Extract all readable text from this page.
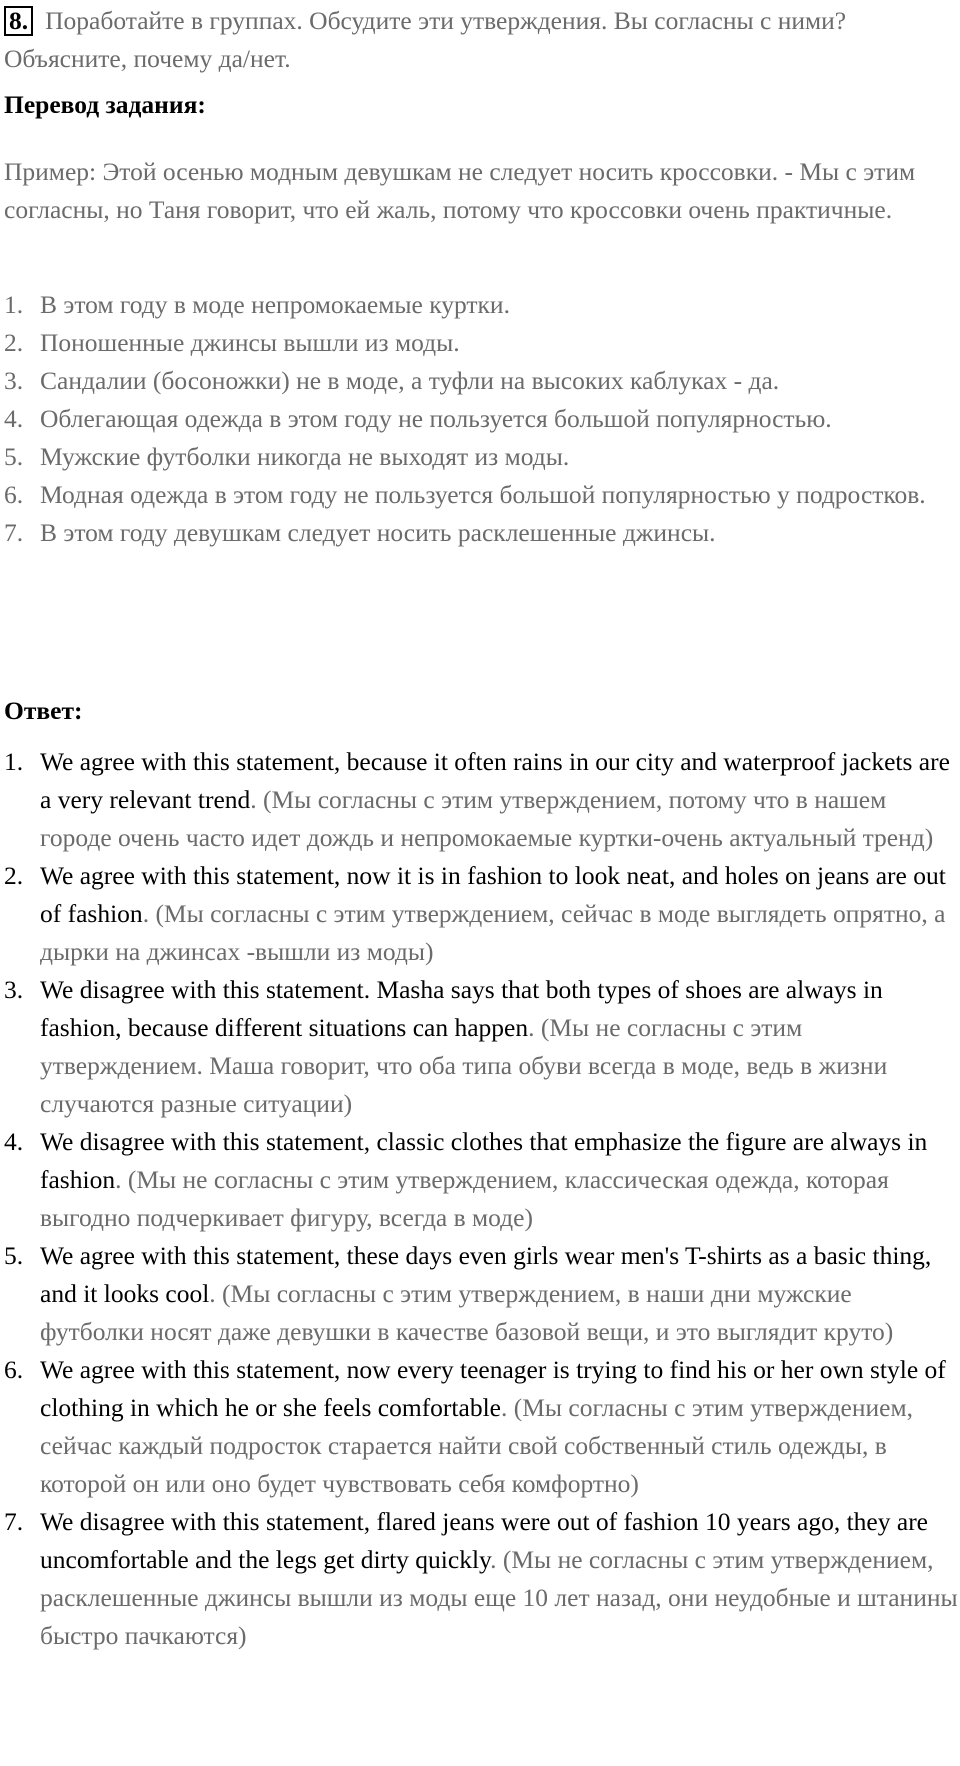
8. Поработайте в группах. Обсудите эти утверждения. Вы согласны с ними? Объясните, почему да/нет.

Перевод задания:

Пример: Этой осенью модным девушкам не следует носить кроссовки. - Мы с этим согласны, но Таня говорит, что ей жаль, потому что кроссовки очень практичные.

1. В этом году в моде непромокаемые куртки.
2. Поношенные джинсы вышли из моды.
3. Сандалии (босоножки) не в моде, а туфли на высоких каблуках - да.
4. Облегающая одежда в этом году не пользуется большой популярностью.
5. Мужские футболки никогда не выходят из моды.
6. Модная одежда в этом году не пользуется большой популярностью у подростков.
7. В этом году девушкам следует носить расклешенные джинсы.
Ответ:
1. We agree with this statement, because it often rains in our city and waterproof jackets are a very relevant trend. (Мы согласны с этим утверждением, потому что в нашем городе очень часто идет дождь и непромокаемые куртки-очень актуальный тренд)
2. We agree with this statement, now it is in fashion to look neat, and holes on jeans are out of fashion. (Мы согласны с этим утверждением, сейчас в моде выглядеть опрятно, а дырки на джинсах -вышли из моды)
3. We disagree with this statement. Masha says that both types of shoes are always in fashion, because different situations can happen. (Мы не согласны с этим утверждением. Маша говорит, что оба типа обуви всегда в моде, ведь в жизни случаются разные ситуации)
4. We disagree with this statement, classic clothes that emphasize the figure are always in fashion. (Мы не согласны с этим утверждением, классическая одежда, которая выгодно подчеркивает фигуру, всегда в моде)
5. We agree with this statement, these days even girls wear men's T-shirts as a basic thing, and it looks cool. (Мы согласны с этим утверждением, в наши дни мужские футболки носят даже девушки в качестве базовой вещи, и это выглядит круто)
6. We agree with this statement, now every teenager is trying to find his or her own style of clothing in which he or she feels comfortable. (Мы согласны с этим утверждением, сейчас каждый подросток старается найти свой собственный стиль одежды, в которой он или оно будет чувствовать себя комфортно)
7. We disagree with this statement, flared jeans were out of fashion 10 years ago, they are uncomfortable and the legs get dirty quickly. (Мы не согласны с этим утверждением, расклешенные джинсы вышли из моды еще 10 лет назад, они неудобные и штанины быстро пачкаются)
